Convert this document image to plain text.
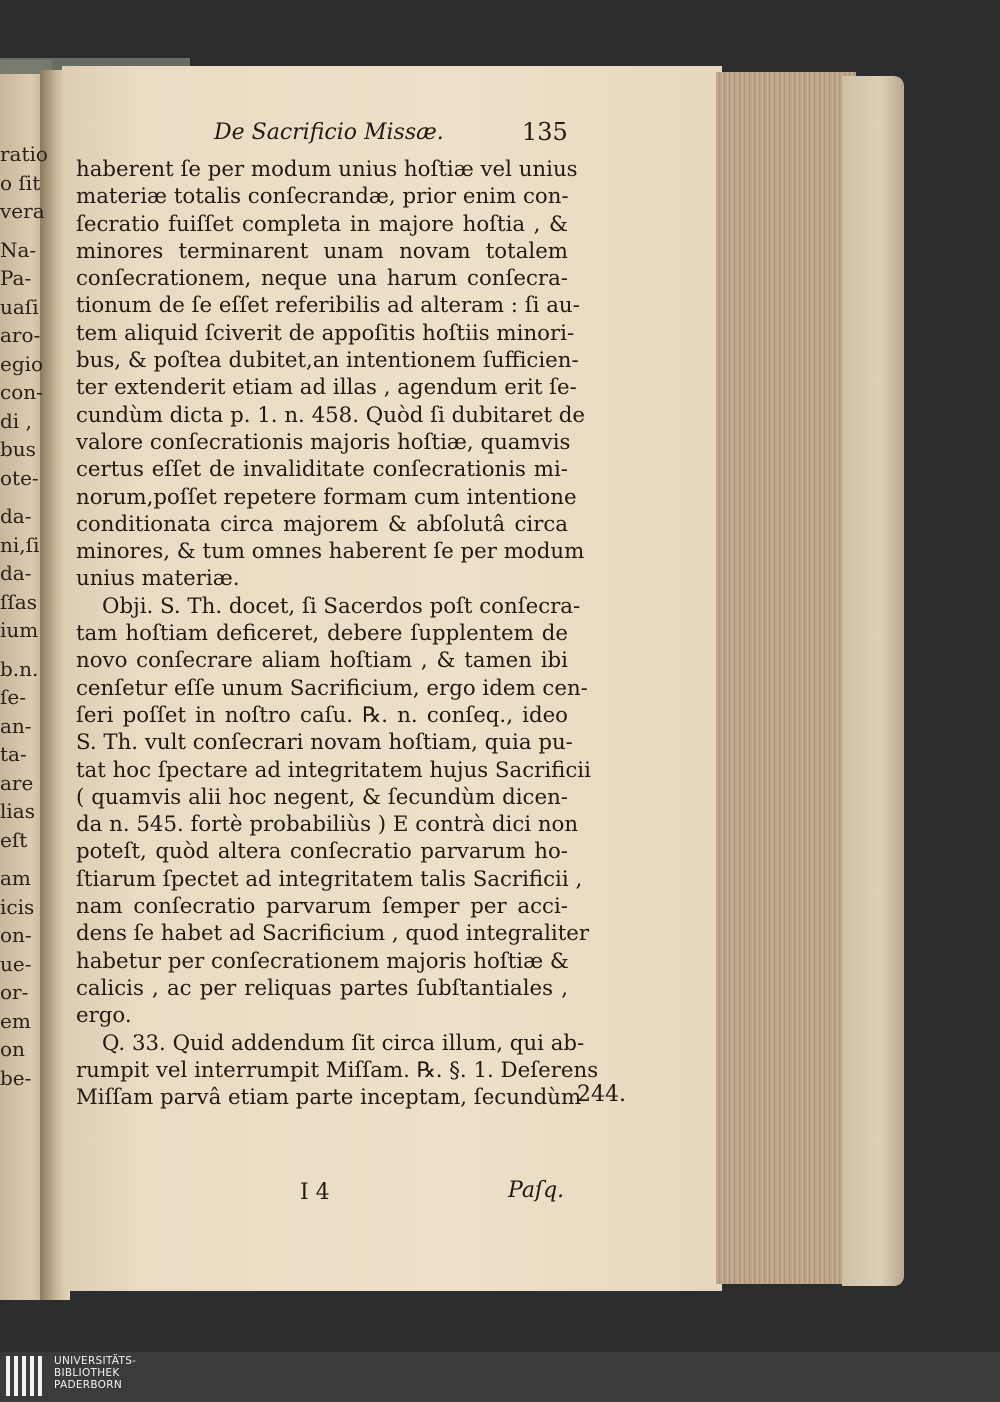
ratio
o ſit
vera
Na-
Pa-
uaſi
aro-
egio
con-
di ,
bus
ote-
da-
ni,ſi
da-
ſſas
ium
b.n.
ſe-
an-
ta-
are
lias
eſt
am
icis
on-
ue-
or-
em
on
be-
De Sacrificio Missæ.	135
haberent ſe per modum unius hoſtiæ vel unius
materiæ totalis conſecrandæ, prior enim con-
ſecratio fuiſſet completa in majore hoſtia , &
minores terminarent unam novam totalem
conſecrationem, neque una harum conſecra-
tionum de ſe eſſet referibilis ad alteram : ſi au-
tem aliquid ſciverit de appoſitis hoſtiis minori-
bus, & poſtea dubitet,an intentionem ſufficien-
ter extenderit etiam ad illas , agendum erit ſe-
cundùm dicta p. 1. n. 458. Quòd ſi dubitaret de
valore conſecrationis majoris hoſtiæ, quamvis
certus eſſet de invaliditate conſecrationis mi-
norum,poſſet repetere formam cum intentione
conditionata circa majorem & abſolutâ circa
minores, & tum omnes haberent ſe per modum
unius materiæ.
Obji. S. Th. docet, ſi Sacerdos poſt conſecra-
tam hoſtiam deficeret, debere ſupplentem de
novo conſecrare aliam hoſtiam , & tamen ibi
cenſetur eſſe unum Sacrificium, ergo idem cen-
ſeri poſſet in noſtro caſu. ℞. n. conſeq., ideo
S. Th. vult conſecrari novam hoſtiam, quia pu-
tat hoc ſpectare ad integritatem hujus Sacrificii
( quamvis alii hoc negent, & ſecundùm dicen-
da n. 545. fortè probabiliùs ) E contrà dici non
poteſt, quòd altera conſecratio parvarum ho-
ſtiarum ſpectet ad integritatem talis Sacrificii ,
nam conſecratio parvarum ſemper per acci-
dens ſe habet ad Sacrificium , quod integraliter
habetur per conſecrationem majoris hoſtiæ &
calicis , ac per reliquas partes ſubſtantiales ,
ergo.
Q. 33. Quid addendum ſit circa illum, qui ab-
rumpit vel interrumpit Miſſam. ℞. §. 1. Deſerens
Miſſam parvâ etiam parte inceptam, ſecundùm
244.
I 4	Paſq.
UNIVERSITÄTS-
BIBLIOTHEK
PADERBORN
